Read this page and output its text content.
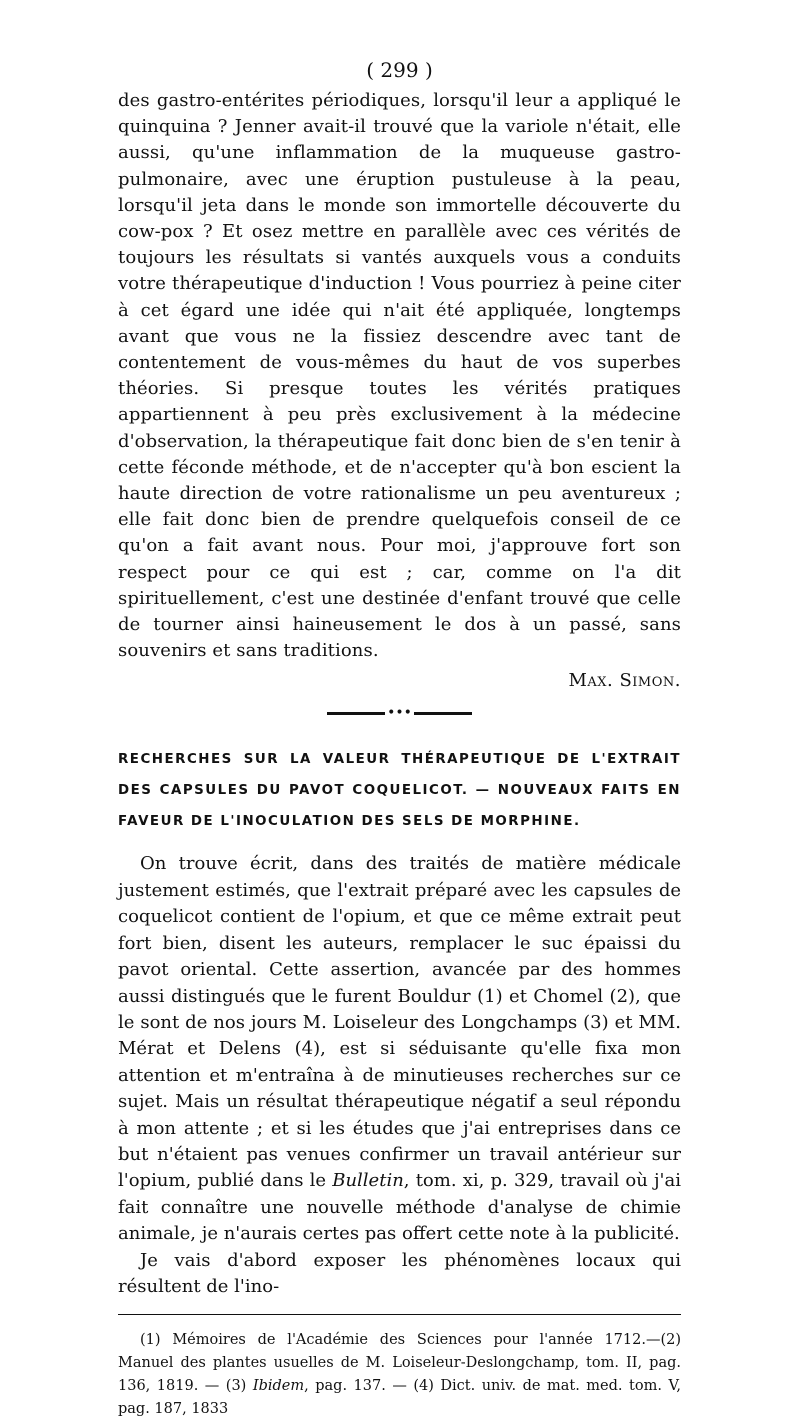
( 299 )

des gastro-entérites périodiques, lorsqu'il leur a appliqué le quinquina ? Jenner avait-il trouvé que la variole n'était, elle aussi, qu'une inflammation de la muqueuse gastro-pulmonaire, avec une éruption pustuleuse à la peau, lorsqu'il jeta dans le monde son immortelle découverte du cow-pox ? Et osez mettre en parallèle avec ces vérités de toujours les résultats si vantés auxquels vous a conduits votre thérapeutique d'induction ! Vous pourriez à peine citer à cet égard une idée qui n'ait été appliquée, longtemps avant que vous ne la fissiez descendre avec tant de contentement de vous-mêmes du haut de vos superbes théories. Si presque toutes les vérités pratiques appartiennent à peu près exclusivement à la médecine d'observation, la thérapeutique fait donc bien de s'en tenir à cette féconde méthode, et de n'accepter qu'à bon escient la haute direction de votre rationalisme un peu aventureux ; elle fait donc bien de prendre quelquefois conseil de ce qu'on a fait avant nous. Pour moi, j'approuve fort son respect pour ce qui est ; car, comme on l'a dit spirituellement, c'est une destinée d'enfant trouvé que celle de tourner ainsi haineusement le dos à un passé, sans souvenirs et sans traditions.

Max. Simon.
•••

RECHERCHES SUR LA VALEUR THÉRAPEUTIQUE DE L'EXTRAIT DES CAPSULES DU PAVOT COQUELICOT. — NOUVEAUX FAITS EN FAVEUR DE L'INOCULATION DES SELS DE MORPHINE.

On trouve écrit, dans des traités de matière médicale justement estimés, que l'extrait préparé avec les capsules de coquelicot contient de l'opium, et que ce même extrait peut fort bien, disent les auteurs, remplacer le suc épaissi du pavot oriental. Cette assertion, avancée par des hommes aussi distingués que le furent Bouldur (1) et Chomel (2), que le sont de nos jours M. Loiseleur des Longchamps (3) et MM. Mérat et Delens (4), est si séduisante qu'elle fixa mon attention et m'entraîna à de minutieuses recherches sur ce sujet. Mais un résultat thérapeutique négatif a seul répondu à mon attente ; et si les études que j'ai entreprises dans ce but n'étaient pas venues confirmer un travail antérieur sur l'opium, publié dans le Bulletin, tom. xi, p. 329, travail où j'ai fait connaître une nouvelle méthode d'analyse de chimie animale, je n'aurais certes pas offert cette note à la publicité.

Je vais d'abord exposer les phénomènes locaux qui résultent de l'ino-

(1) Mémoires de l'Académie des Sciences pour l'année 1712.—(2) Manuel des plantes usuelles de M. Loiseleur-Deslongchamp, tom. II, pag. 136, 1819. — (3) Ibidem, pag. 137. — (4) Dict. univ. de mat. med. tom. V, pag. 187, 1833
